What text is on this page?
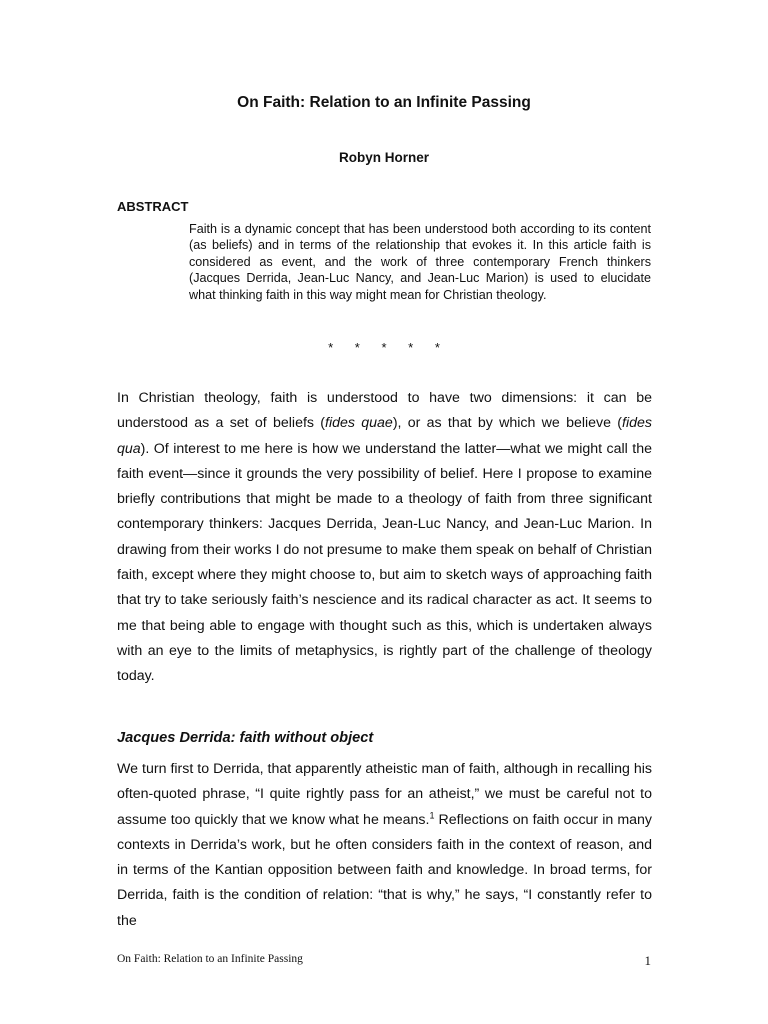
On Faith: Relation to an Infinite Passing
Robyn Horner
ABSTRACT
Faith is a dynamic concept that has been understood both according to its content (as beliefs) and in terms of the relationship that evokes it. In this article faith is considered as event, and the work of three contemporary French thinkers (Jacques Derrida, Jean-Luc Nancy, and Jean-Luc Marion) is used to elucidate what thinking faith in this way might mean for Christian theology.
* * * * *
In Christian theology, faith is understood to have two dimensions: it can be understood as a set of beliefs (fides quae), or as that by which we believe (fides qua). Of interest to me here is how we understand the latter—what we might call the faith event—since it grounds the very possibility of belief. Here I propose to examine briefly contributions that might be made to a theology of faith from three significant contemporary thinkers: Jacques Derrida, Jean-Luc Nancy, and Jean-Luc Marion. In drawing from their works I do not presume to make them speak on behalf of Christian faith, except where they might choose to, but aim to sketch ways of approaching faith that try to take seriously faith’s nescience and its radical character as act. It seems to me that being able to engage with thought such as this, which is undertaken always with an eye to the limits of metaphysics, is rightly part of the challenge of theology today.
Jacques Derrida: faith without object
We turn first to Derrida, that apparently atheistic man of faith, although in recalling his often-quoted phrase, “I quite rightly pass for an atheist,” we must be careful not to assume too quickly that we know what he means.$^1$ Reflections on faith occur in many contexts in Derrida’s work, but he often considers faith in the context of reason, and in terms of the Kantian opposition between faith and knowledge. In broad terms, for Derrida, faith is the condition of relation: “that is why,” he says, “I constantly refer to the
On Faith: Relation to an Infinite Passing	1
